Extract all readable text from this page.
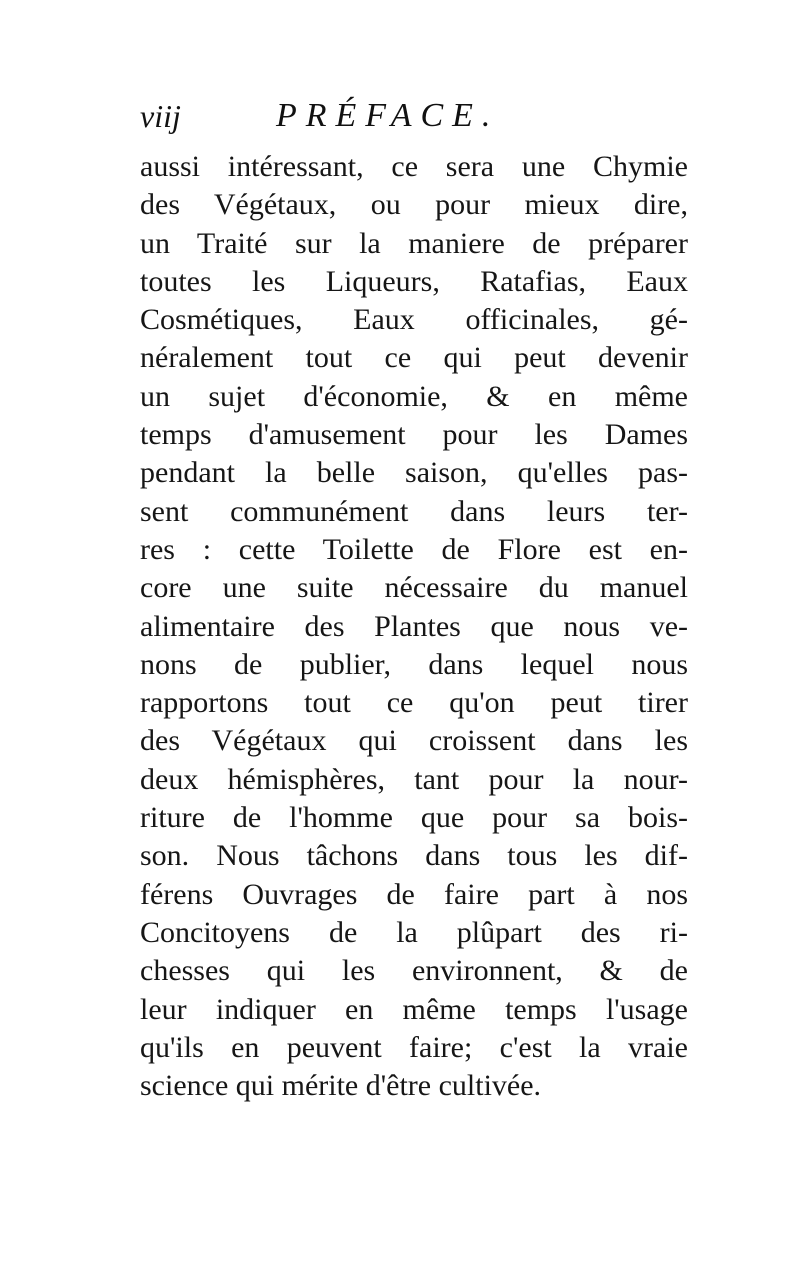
viij	PRÉFACE.
aussi intéressant, ce sera une Chymie
des Végétaux, ou pour mieux dire,
un Traité sur la maniere de préparer
toutes les Liqueurs, Ratafias, Eaux
Cosmétiques, Eaux officinales, gé-
néralement tout ce qui peut devenir
un sujet d'économie, & en même
temps d'amusement pour les Dames
pendant la belle saison, qu'elles pas-
sent communément dans leurs ter-
res : cette Toilette de Flore est en-
core une suite nécessaire du manuel
alimentaire des Plantes que nous ve-
nons de publier, dans lequel nous
rapportons tout ce qu'on peut tirer
des Végétaux qui croissent dans les
deux hémisphères, tant pour la nour-
riture de l'homme que pour sa bois-
son. Nous tâchons dans tous les dif-
férens Ouvrages de faire part à nos
Concitoyens de la plûpart des ri-
chesses qui les environnent, & de
leur indiquer en même temps l'usage
qu'ils en peuvent faire; c'est la vraie
science qui mérite d'être cultivée.
